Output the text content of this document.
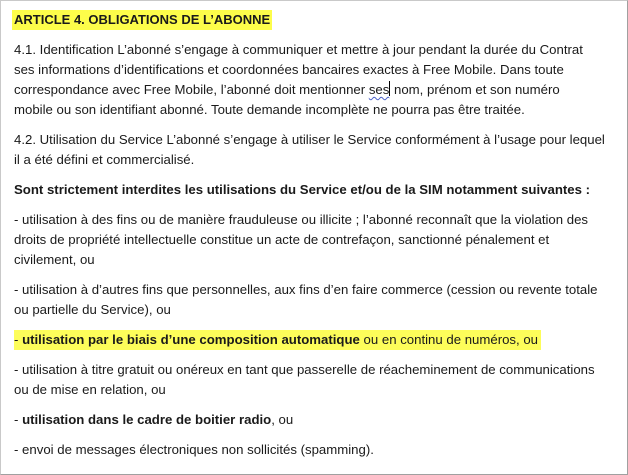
ARTICLE 4. OBLIGATIONS DE L’ABONNE

4.1. Identification L’abonné s’engage à communiquer et mettre à jour pendant la durée du Contrat
ses informations d’identifications et coordonnées bancaires exactes à Free Mobile. Dans toute
correspondance avec Free Mobile, l’abonné doit mentionner ses nom, prénom et son numéro
mobile ou son identifiant abonné. Toute demande incomplète ne pourra pas être traitée.

4.2. Utilisation du Service L’abonné s’engage à utiliser le Service conformément à l’usage pour lequel
il a été défini et commercialisé.

Sont strictement interdites les utilisations du Service et/ou de la SIM notamment suivantes :

- utilisation à des fins ou de manière frauduleuse ou illicite ; l’abonné reconnaît que la violation des
droits de propriété intellectuelle constitue un acte de contrefaçon, sanctionné pénalement et
civilement, ou

- utilisation à d’autres fins que personnelles, aux fins d’en faire commerce (cession ou revente totale
ou partielle du Service), ou

- utilisation par le biais d’une composition automatique ou en continu de numéros, ou

- utilisation à titre gratuit ou onéreux en tant que passerelle de réacheminement de communications
ou de mise en relation, ou

- utilisation dans le cadre de boitier radio, ou

- envoi de messages électroniques non sollicités (spamming).
